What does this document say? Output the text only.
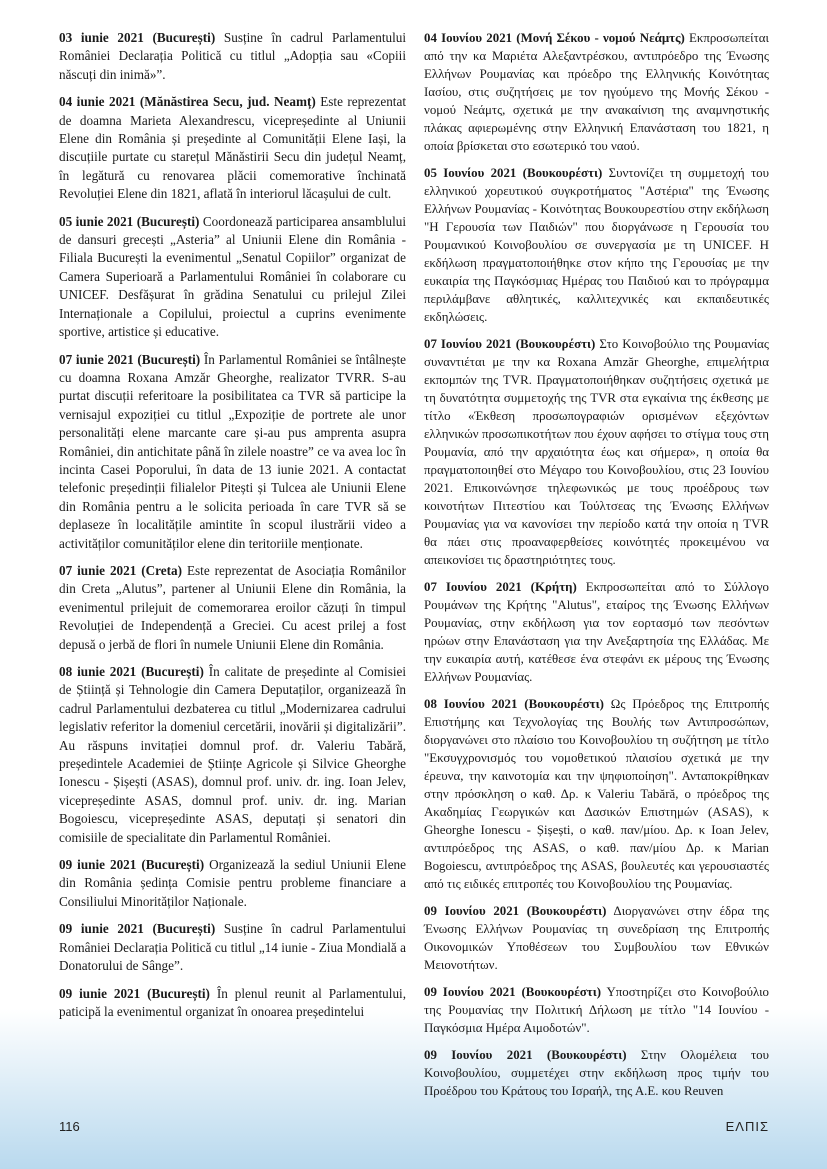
03 iunie 2021 (București) Susține în cadrul Parlamentului României Declarația Politică cu titlul „Adopția sau «Copiii născuți din inimă»”.

04 iunie 2021 (Mănăstirea Secu, jud. Neamț) Este reprezentat de doamna Marieta Alexandrescu, vicepreședinte al Uniunii Elene din România și președinte al Comunității Elene Iași, la discuțiile purtate cu starețul Mănăstirii Secu din județul Neamț, în legătură cu renovarea plăcii comemorative închinată Revoluției Elene din 1821, aflată în interiorul lăcașului de cult.

05 iunie 2021 (București) Coordonează participarea ansamblului de dansuri grecești „Asteria” al Uniunii Elene din România - Filiala București la evenimentul „Senatul Copiilor” organizat de Camera Superioară a Parlamentului României în colaborare cu UNICEF. Desfășurat în grădina Senatului cu prilejul Zilei Internaționale a Copilului, proiectul a cuprins evenimente sportive, artistice și educative.

07 iunie 2021 (București) În Parlamentul României se întâlnește cu doamna Roxana Amzăr Gheorghe, realizator TVRR. S-au purtat discuții referitoare la posibilitatea ca TVR să participe la vernisajul expoziției cu titlul „Expoziție de portrete ale unor personalități elene marcante care și-au pus amprenta asupra României, din antichitate până în zilele noastre” ce va avea loc în incinta Casei Poporului, în data de 13 iunie 2021. A contactat telefonic președinții filialelor Pitești și Tulcea ale Uniunii Elene din România pentru a le solicita perioada în care TVR să se deplaseze în localitățile amintite în scopul ilustrării video a activităților comunităților elene din teritoriile menționate.

07 iunie 2021 (Creta) Este reprezentat de Asociația Românilor din Creta „Alutus”, partener al Uniunii Elene din România, la evenimentul prilejuit de comemorarea eroilor căzuți în timpul Revoluției de Independență a Greciei. Cu acest prilej a fost depusă o jerbă de flori în numele Uniunii Elene din România.

08 iunie 2021 (București) În calitate de președinte al Comisiei de Știință și Tehnologie din Camera Deputaților, organizează în cadrul Parlamentului dezbaterea cu titlul „Modernizarea cadrului legislativ referitor la domeniul cercetării, inovării și digitalizării”. Au răspuns invitației domnul prof. dr. Valeriu Tabără, președintele Academiei de Științe Agricole și Silvice Gheorghe Ionescu - Șișești (ASAS), domnul prof. univ. dr. ing. Ioan Jelev, vicepreședinte ASAS, domnul prof. univ. dr. ing. Marian Bogoiescu, vicepreședinte ASAS, deputați și senatori din comisiile de specialitate din Parlamentul României.

09 iunie 2021 (București) Organizează la sediul Uniunii Elene din România ședința Comisie pentru probleme financiare a Consiliului Minorităților Naționale.

09 iunie 2021 (București) Susține în cadrul Parlamentului României Declarația Politică cu titlul „14 iunie - Ziua Mondială a Donatorului de Sânge”.

09 iunie 2021 (București) În plenul reunit al Parlamentului, paticipă la evenimentul organizat în onoarea președintelui

04 Ιουνίου 2021 (Μονή Σέκου - νομού Νεάμτς) Εκπροσωπείται από την κα Μαριέτα Αλεξαντρέσκου, αντιπρόεδρο της Ένωσης Ελλήνων Ρουμανίας και πρόεδρο της Ελληνικής Κοινότητας Ιασίου, στις συζητήσεις με τον ηγούμενο της Μονής Σέκου - νομού Νεάμτς, σχετικά με την ανακαίνιση της αναμνηστικής πλάκας αφιερωμένης στην Ελληνική Επανάσταση του 1821, η οποία βρίσκεται στο εσωτερικό του ναού.

05 Ιουνίου 2021 (Βουκουρέστι) Συντονίζει τη συμμετοχή του ελληνικού χορευτικού συγκροτήματος "Αστέρια" της Ένωσης Ελλήνων Ρουμανίας - Κοινότητας Βουκουρεστίου στην εκδήλωση "Η Γερουσία των Παιδιών" που διοργάνωσε η Γερουσία του Ρουμανικού Κοινοβουλίου σε συνεργασία με τη UNICEF. Η εκδήλωση πραγματοποιήθηκε στον κήπο της Γερουσίας με την ευκαιρία της Παγκόσμιας Ημέρας του Παιδιού και το πρόγραμμα περιλάμβανε αθλητικές, καλλιτεχνικές και εκπαιδευτικές εκδηλώσεις.

07 Ιουνίου 2021 (Βουκουρέστι) Στο Κοινοβούλιο της Ρουμανίας συναντιέται με την κα Roxana Amzăr Gheorghe, επιμελήτρια εκπομπών της TVR. Πραγματοποιήθηκαν συζητήσεις σχετικά με τη δυνατότητα συμμετοχής της TVR στα εγκαίνια της έκθεσης με τίτλο «Έκθεση προσωπογραφιών ορισμένων εξεχόντων ελληνικών προσωπικοτήτων που έχουν αφήσει το στίγμα τους στη Ρουμανία, από την αρχαιότητα έως και σήμερα», η οποία θα πραγματοποιηθεί στο Μέγαρο του Κοινοβουλίου, στις 23 Ιουνίου 2021. Επικοινώνησε τηλεφωνικώς με τους προέδρους των κοινοτήτων Πιτεστίου και Τούλτσεας της Ένωσης Ελλήνων Ρουμανίας για να κανονίσει την περίοδο κατά την οποία η TVR θα πάει στις προαναφερθείσες κοινότητές προκειμένου να απεικονίσει τις δραστηριότητες τους.

07 Ιουνίου 2021 (Κρήτη) Εκπροσωπείται από το Σύλλογο Ρουμάνων της Κρήτης "Alutus", εταίρος της Ένωσης Ελλήνων Ρουμανίας, στην εκδήλωση για τον εορτασμό των πεσόντων ηρώων στην Επανάσταση για την Ανεξαρτησία της Ελλάδας. Με την ευκαιρία αυτή, κατέθεσε ένα στεφάνι εκ μέρους της Ένωσης Ελλήνων Ρουμανίας.

08 Ιουνίου 2021 (Βουκουρέστι) Ως Πρόεδρος της Επιτροπής Επιστήμης και Τεχνολογίας της Βουλής των Αντιπροσώπων, διοργανώνει στο πλαίσιο του Κοινοβουλίου τη συζήτηση με τίτλο "Εκσυγχρονισμός του νομοθετικού πλαισίου σχετικά με την έρευνα, την καινοτομία και την ψηφιοποίηση". Ανταποκρίθηκαν στην πρόσκληση ο καθ. Δρ. κ Valeriu Tabără, ο πρόεδρος της Ακαδημίας Γεωργικών και Δασικών Επιστημών (ASAS), κ Gheorghe Ionescu - Șișești, ο καθ. παν/μίου. Δρ. κ Ioan Jelev, αντιπρόεδρος της ASAS, ο καθ. παν/μίου Δρ. κ Marian Bogoiescu, αντιπρόεδρος της ASAS, βουλευτές και γερουσιαστές από τις ειδικές επιτροπές του Κοινοβουλίου της Ρουμανίας.

09 Ιουνίου 2021 (Βουκουρέστι) Διοργανώνει στην έδρα της Ένωσης Ελλήνων Ρουμανίας τη συνεδρίαση της Επιτροπής Οικονομικών Υποθέσεων του Συμβουλίου των Εθνικών Μειονοτήτων.

09 Ιουνίου 2021 (Βουκουρέστι) Υποστηρίζει στο Κοινοβούλιο της Ρουμανίας την Πολιτική Δήλωση με τίτλο "14 Ιουνίου - Παγκόσμια Ημέρα Αιμοδοτών".

09 Ιουνίου 2021 (Βουκουρέστι) Στην Ολομέλεια του Κοινοβουλίου, συμμετέχει στην εκδήλωση προς τιμήν του Προέδρου του Κράτους του Ισραήλ, της Α.Ε. κου Reuven

116	ΕΛΠΙΣ
